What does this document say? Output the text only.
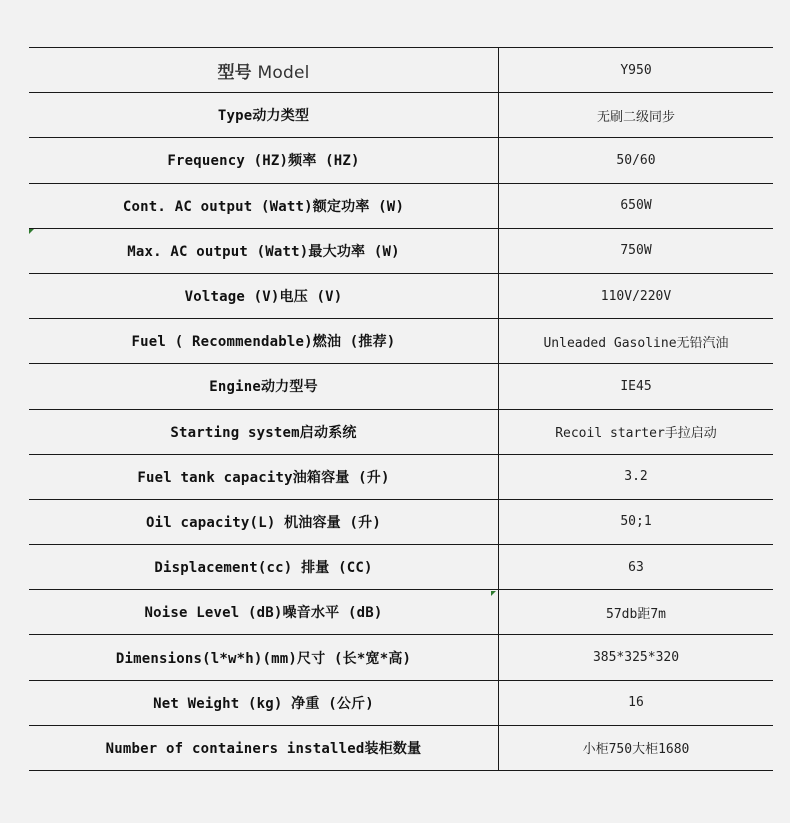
型号 Model	Y950
Type动力类型	无刷二级同步
Frequency (HZ)频率 (HZ)	50/60
Cont. AC output (Watt)额定功率 (W)	650W
Max. AC output (Watt)最大功率 (W)	750W
Voltage (V)电压 (V)	110V/220V
Fuel ( Recommendable)燃油 (推荐)	Unleaded Gasoline无铅汽油
Engine动力型号	IE45
Starting system启动系统	Recoil starter手拉启动
Fuel tank capacity油箱容量 (升)	3.2
Oil capacity(L) 机油容量 (升)	50;1
Displacement(cc) 排量 (CC)	63
Noise Level (dB)噪音水平 (dB)	57db距7m
Dimensions(l*w*h)(mm)尺寸 (长*宽*高)	385*325*320
Net Weight (kg) 净重 (公斤)	16
Number of containers installed装柜数量	小柜750大柜1680
